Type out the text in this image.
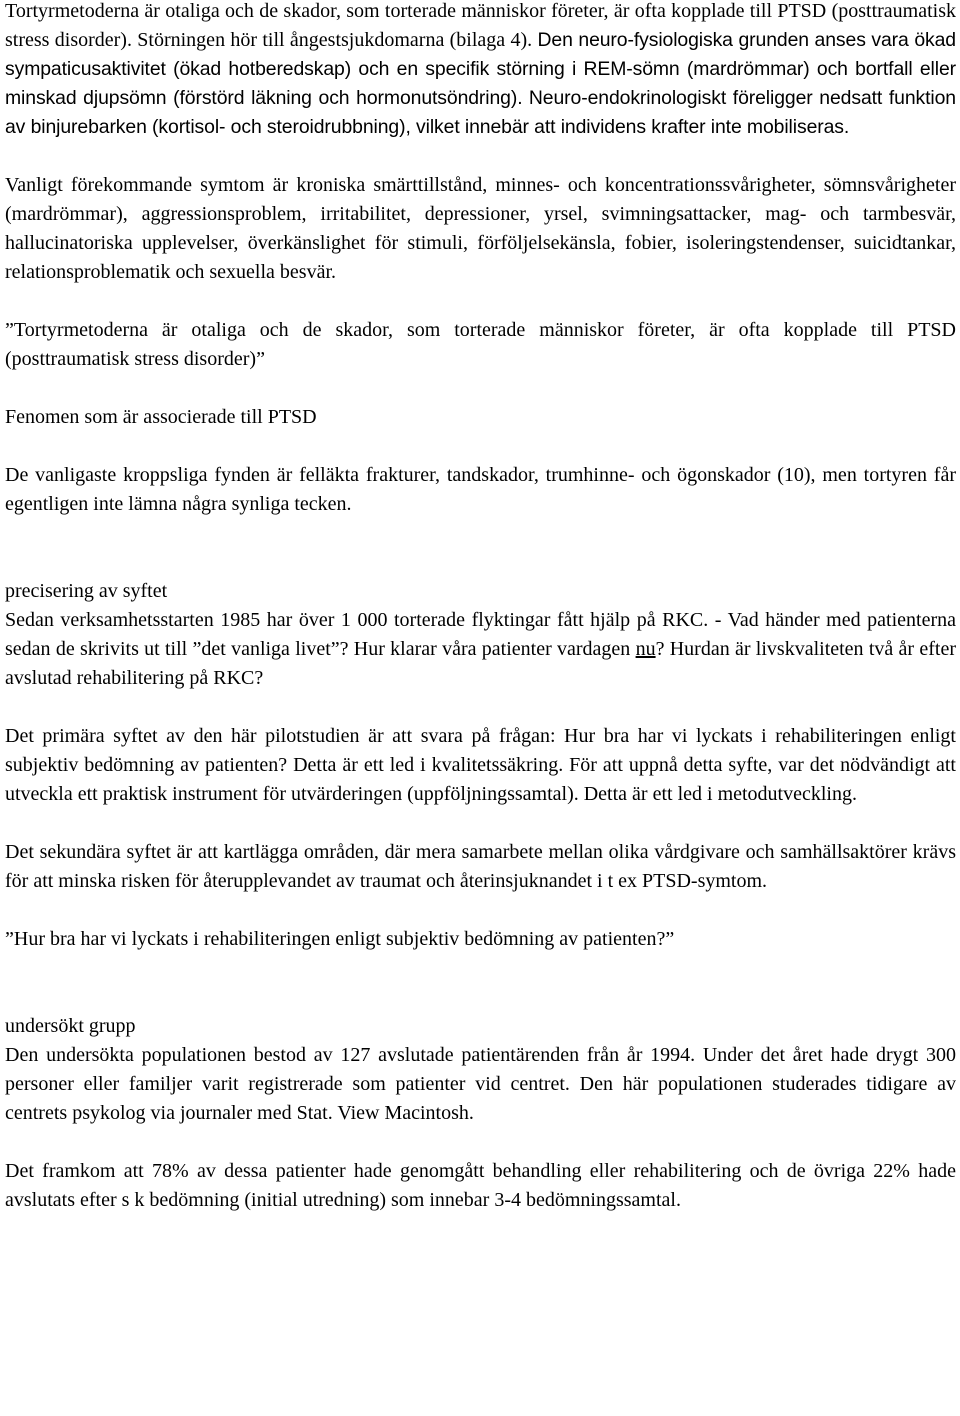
Tortyrmetoderna är otaliga och de skador, som torterade människor företer, är ofta kopplade till PTSD (posttraumatisk stress disorder). Störningen hör till ångestsjukdomarna (bilaga 4). Den neuro-fysiologiska grunden anses vara ökad sympaticusaktivitet (ökad hotberedskap) och en specifik störning i REM-sömn (mardrömmar) och bortfall eller minskad djupsömn (förstörd läkning och hormonutsöndring). Neuro-endokrinologiskt föreligger nedsatt funktion av binjurebarken (kortisol- och steroidrubbning), vilket innebär att individens krafter inte mobiliseras.

Vanligt förekommande symtom är kroniska smärttillstånd, minnes- och koncentrationssvårigheter, sömnsvårigheter (mardrömmar), aggressionsproblem, irritabilitet, depressioner, yrsel, svimningsattacker, mag- och tarmbesvär, hallucinatoriska upplevelser, överkänslighet för stimuli, förföljelsekänsla, fobier, isoleringstendenser, suicidtankar, relationsproblematik och sexuella besvär.

”Tortyrmetoderna är otaliga och de skador, som torterade människor företer, är ofta kopplade till PTSD (posttraumatisk stress disorder)”

Fenomen som är associerade till PTSD

De vanligaste kroppsliga fynden är felläkta frakturer, tandskador, trumhinne- och ögonskador (10), men tortyren får egentligen inte lämna några synliga tecken.

precisering av syftet

Sedan verksamhetsstarten 1985 har över 1 000 torterade flyktingar fått hjälp på RKC. - Vad händer med patienterna sedan de skrivits ut till ”det vanliga livet”? Hur klarar våra patienter vardagen nu? Hurdan är livskvaliteten två år efter avslutad rehabilitering på RKC?

Det primära syftet av den här pilotstudien är att svara på frågan: Hur bra har vi lyckats i rehabiliteringen enligt subjektiv bedömning av patienten? Detta är ett led i kvalitetssäkring. För att uppnå detta syfte, var det nödvändigt att utveckla ett praktisk instrument för utvärderingen (uppföljningssamtal). Detta är ett led i metodutveckling.

Det sekundära syftet är att kartlägga områden, där mera samarbete mellan olika vårdgivare och samhällsaktörer krävs för att minska risken för återupplevandet av traumat och återinsjuknandet i t ex PTSD-symtom.

”Hur bra har vi lyckats i rehabiliteringen enligt subjektiv bedömning av patienten?”

undersökt grupp

Den undersökta populationen bestod av 127 avslutade patientärenden från år 1994. Under det året hade drygt 300 personer eller familjer varit registrerade som patienter vid centret. Den här populationen studerades tidigare av centrets psykolog via journaler med Stat. View Macintosh.

Det framkom att 78% av dessa patienter hade genomgått behandling eller rehabilitering och de övriga 22% hade avslutats efter s k bedömning (initial utredning) som innebar 3-4 bedömningssamtal.
